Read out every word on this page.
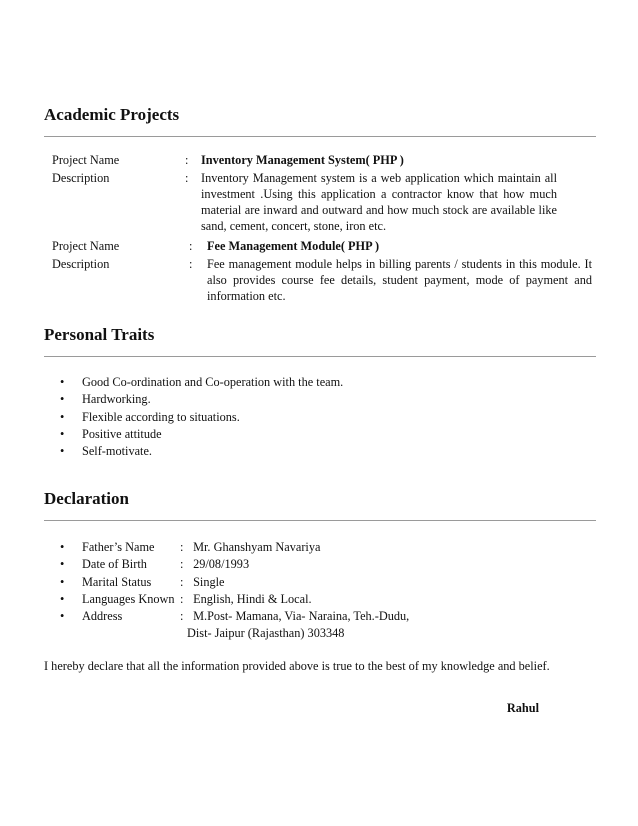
Academic Projects
Project Name	:	Inventory Management System( PHP )
Description	:	Inventory Management system is a web application which maintain all investment .Using this application a contractor know that how much material are inward and outward and how much stock are available like sand, cement, concert, stone, iron etc.
Project Name	:	Fee Management Module( PHP )
Description	:	Fee management module helps in billing parents / students in this module. It also provides course fee details, student payment, mode of payment and information etc.
Personal Traits
• Good Co-ordination and Co-operation with the team.
• Hardworking.
• Flexible according to situations.
• Positive attitude
• Self-motivate.
Declaration
• Father’s Name : Mr. Ghanshyam Navariya
• Date of Birth	: 29/08/1993
• Marital Status : Single
• Languages Known : English, Hindi & Local.
• Address	: M.Post- Mamana, Via- Naraina, Teh.-Dudu,
Dist- Jaipur (Rajasthan) 303348

I hereby declare that all the information provided above is true to the best of my knowledge and belief.

Rahul
